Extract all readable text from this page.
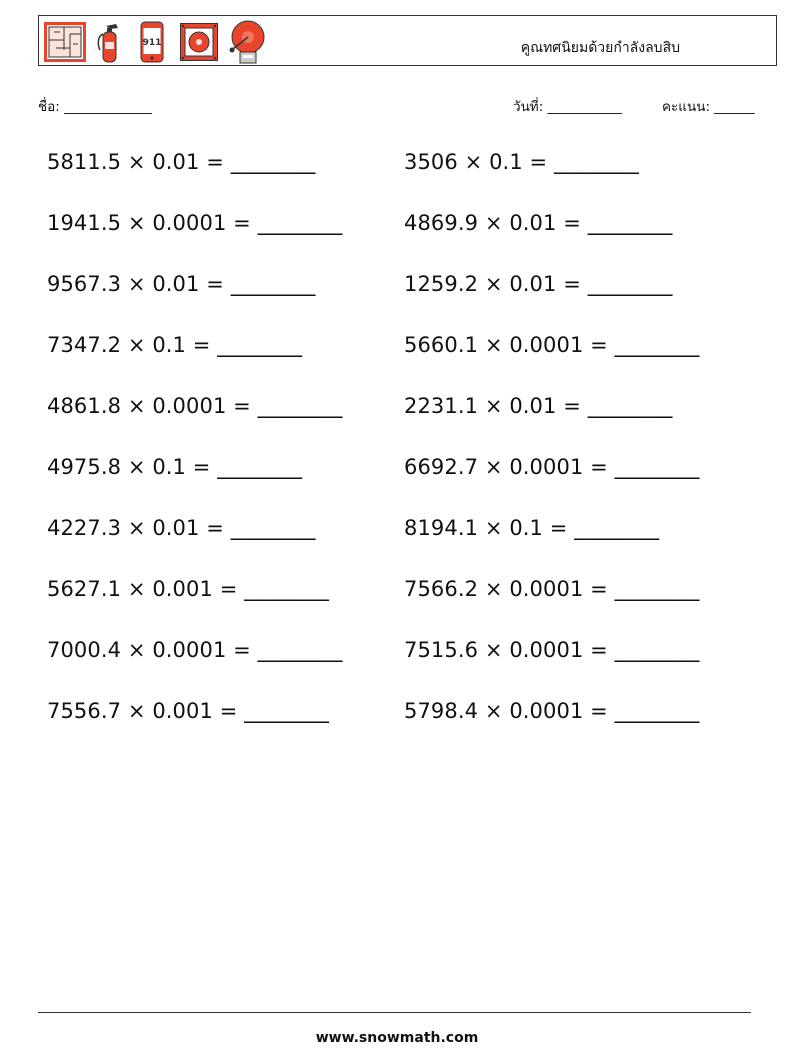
911	คูณทศนิยมด้วยกำลังลบสิบ
ชื่อ: _____________	วันที่: ___________	คะแนน: ______
5811.5 × 0.01 = ________
1941.5 × 0.0001 = ________
9567.3 × 0.01 = ________
7347.2 × 0.1 = ________
4861.8 × 0.0001 = ________
4975.8 × 0.1 = ________
4227.3 × 0.01 = ________
5627.1 × 0.001 = ________
7000.4 × 0.0001 = ________
7556.7 × 0.001 = ________
3506 × 0.1 = ________
4869.9 × 0.01 = ________
1259.2 × 0.01 = ________
5660.1 × 0.0001 = ________
2231.1 × 0.01 = ________
6692.7 × 0.0001 = ________
8194.1 × 0.1 = ________
7566.2 × 0.0001 = ________
7515.6 × 0.0001 = ________
5798.4 × 0.0001 = ________
www.snowmath.com
